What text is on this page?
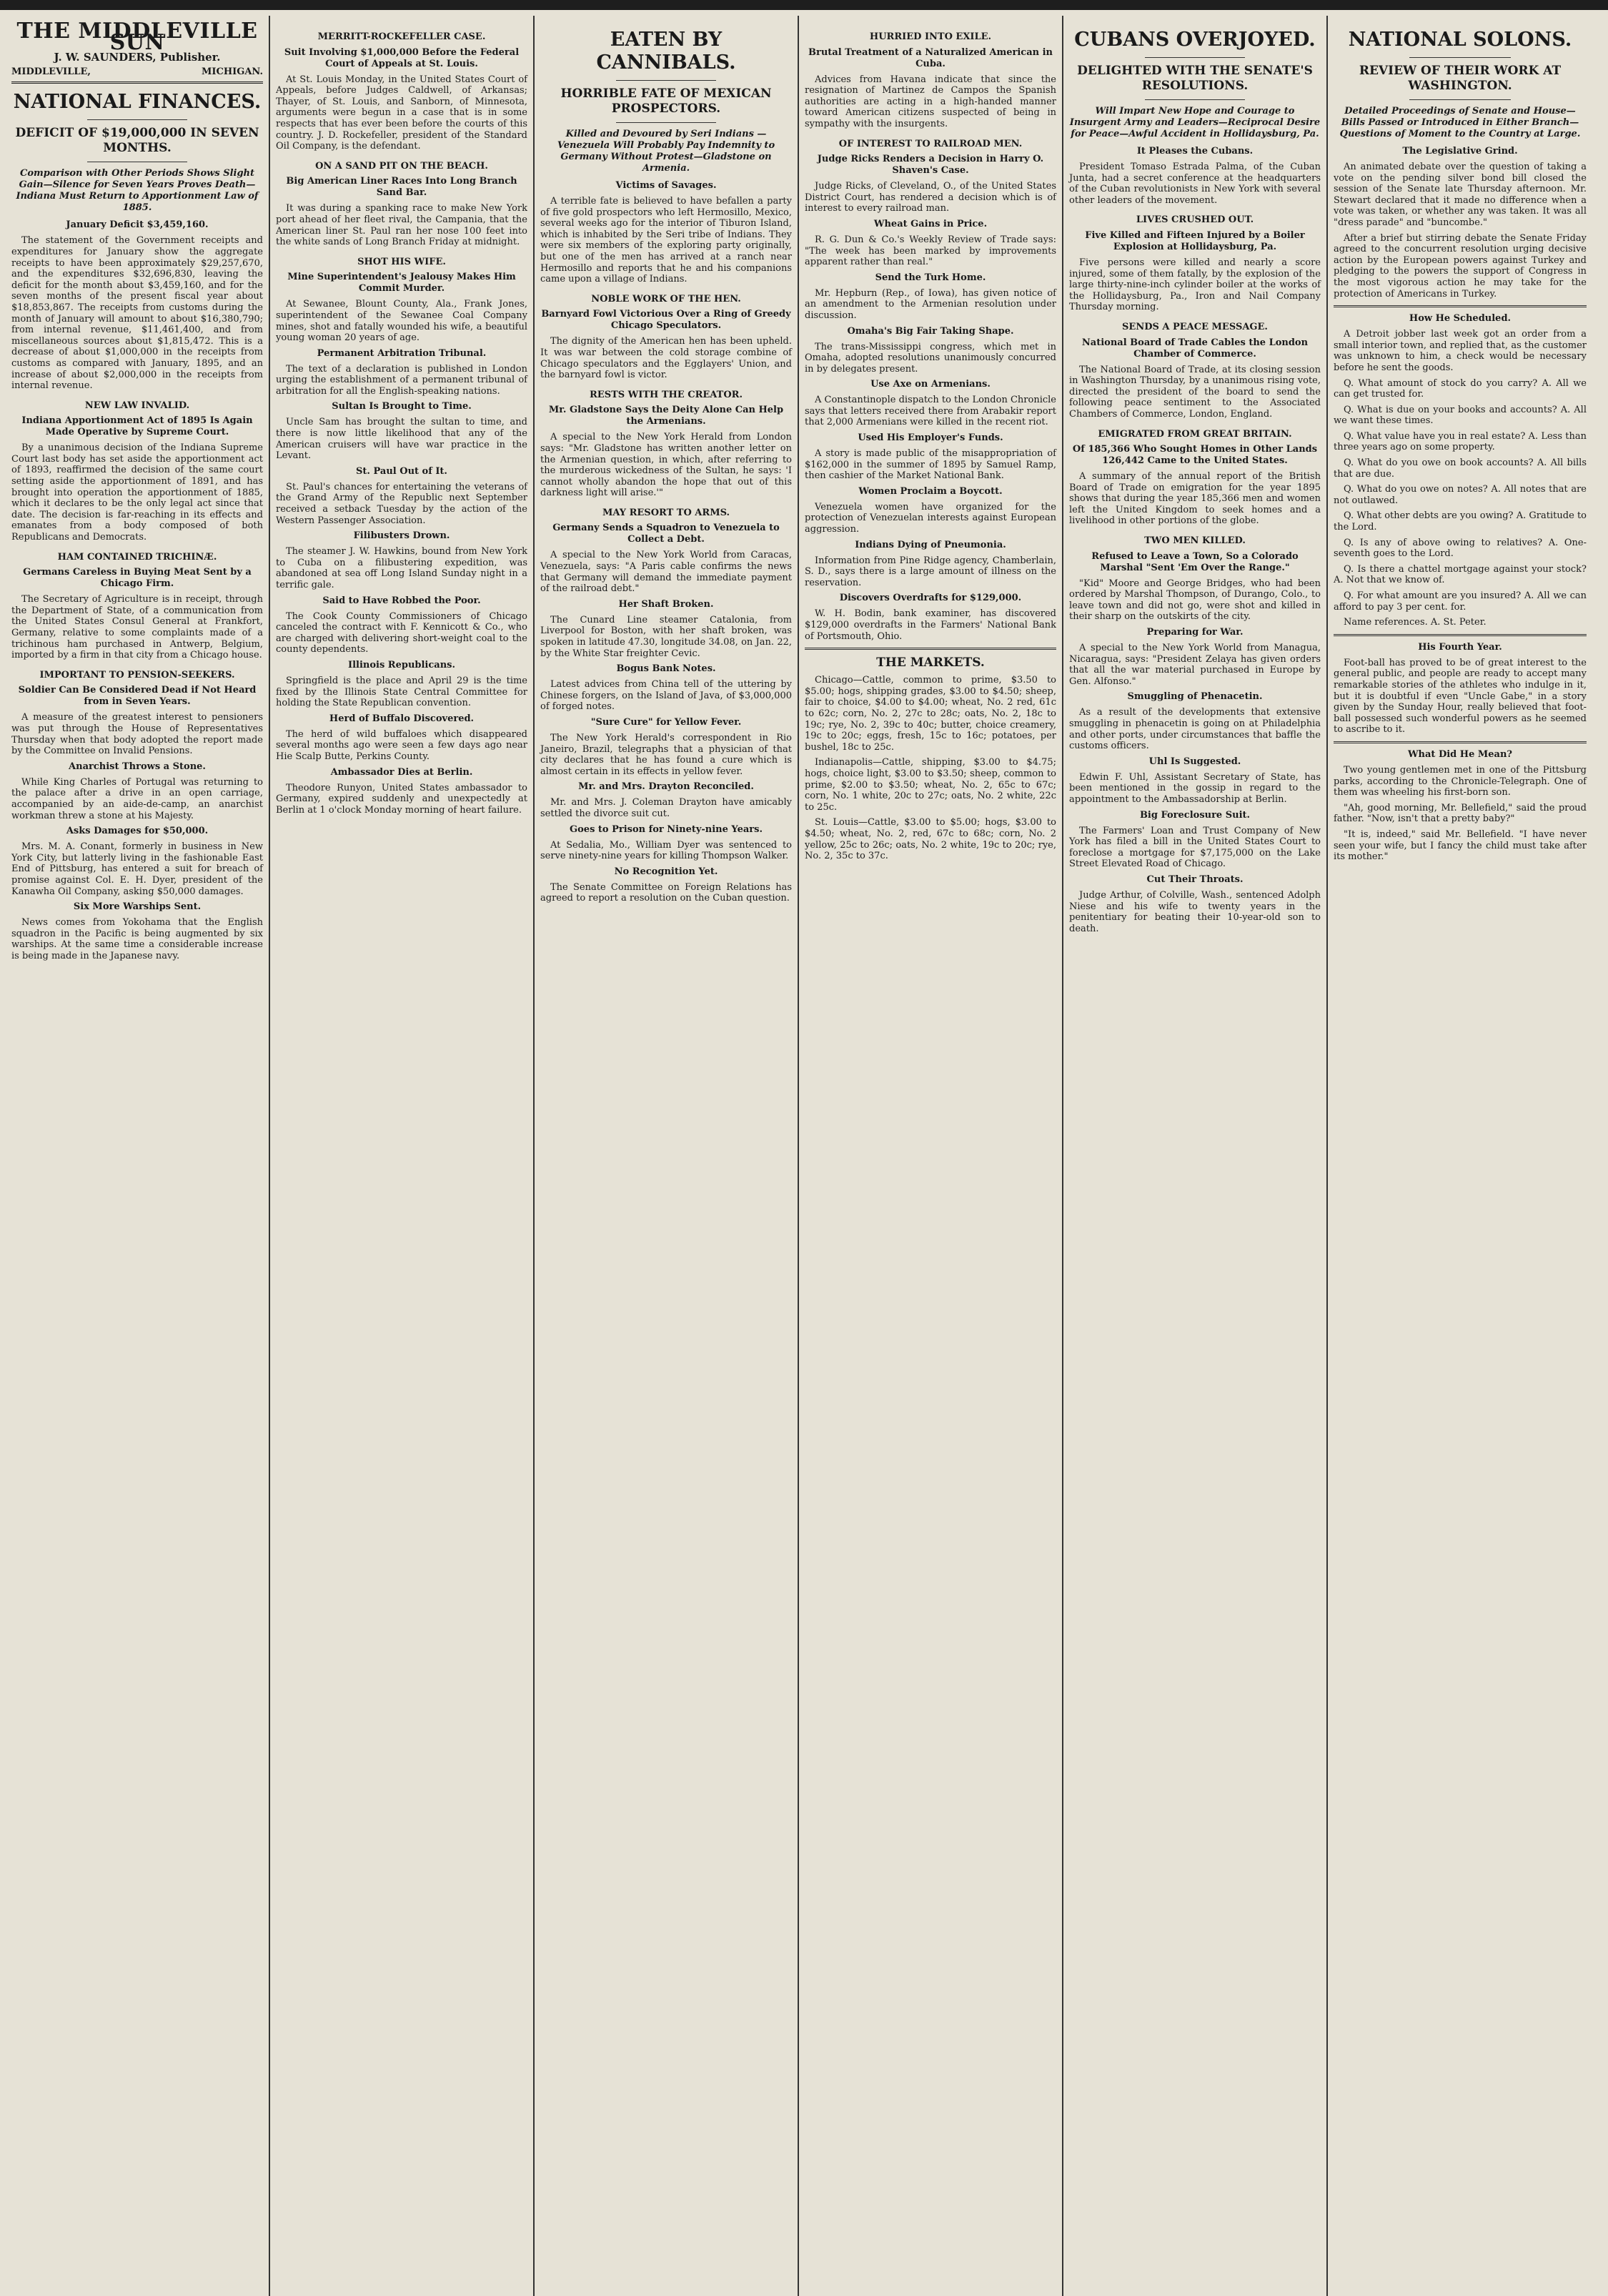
THE MIDDLEVILLE SUN
J. W. SAUNDERS, Publisher.
MIDDLEVILLE,	MICHIGAN.
NATIONAL FINANCES.
DEFICIT OF $19,000,000 IN SEVEN MONTHS.
Comparison with Other Periods Shows Slight Gain—Silence for Seven Years Proves Death—Indiana Must Return to Apportionment Law of 1885.
January Deficit $3,459,160.

The statement of the Government receipts and expenditures for January show the aggregate receipts to have been approximately $29,257,670, and the expenditures $32,696,830, leaving the deficit for the month about $3,459,160, and for the seven months of the present fiscal year about $18,853,867. The receipts from customs during the month of January will amount to about $16,380,790; from internal revenue, $11,461,400, and from miscellaneous sources about $1,815,472. This is a decrease of about $1,000,000 in the receipts from customs as compared with January, 1895, and an increase of about $2,000,000 in the receipts from internal revenue.

NEW LAW INVALID.
Indiana Apportionment Act of 1895 Is Again Made Operative by Supreme Court.

By a unanimous decision of the Indiana Supreme Court last body has set aside the apportionment act of 1893, reaffirmed the decision of the same court setting aside the apportionment of 1891, and has brought into operation the apportionment of 1885, which it declares to be the only legal act since that date. The decision is far-reaching in its effects and emanates from a body composed of both Republicans and Democrats.

HAM CONTAINED TRICHINÆ.
Germans Careless in Buying Meat Sent by a Chicago Firm.

The Secretary of Agriculture is in receipt, through the Department of State, of a communication from the United States Consul General at Frankfort, Germany, relative to some complaints made of a trichinous ham purchased in Antwerp, Belgium, imported by a firm in that city from a Chicago house.

IMPORTANT TO PENSION-SEEKERS.
Soldier Can Be Considered Dead if Not Heard from in Seven Years.

A measure of the greatest interest to pensioners was put through the House of Representatives Thursday when that body adopted the report made by the Committee on Invalid Pensions.

Anarchist Throws a Stone.

While King Charles of Portugal was returning to the palace after a drive in an open carriage, accompanied by an aide-de-camp, an anarchist workman threw a stone at his Majesty.

Asks Damages for $50,000.

Mrs. M. A. Conant, formerly in business in New York City, but latterly living in the fashionable East End of Pittsburg, has entered a suit for breach of promise against Col. E. H. Dyer, president of the Kanawha Oil Company, asking $50,000 damages.

Six More Warships Sent.

News comes from Yokohama that the English squadron in the Pacific is being augmented by six warships. At the same time a considerable increase is being made in the Japanese navy.

MERRITT-ROCKEFELLER CASE.
Suit Involving $1,000,000 Before the Federal Court of Appeals at St. Louis.

At St. Louis Monday, in the United States Court of Appeals, before Judges Caldwell, of Arkansas; Thayer, of St. Louis, and Sanborn, of Minnesota, arguments were begun in a case that is in some respects that has ever been before the courts of this country. J. D. Rockefeller, president of the Standard Oil Company, is the defendant.

ON A SAND PIT ON THE BEACH.
Big American Liner Races Into Long Branch Sand Bar.

It was during a spanking race to make New York port ahead of her fleet rival, the Campania, that the American liner St. Paul ran her nose 100 feet into the white sands of Long Branch Friday at midnight.

SHOT HIS WIFE.
Mine Superintendent's Jealousy Makes Him Commit Murder.

At Sewanee, Blount County, Ala., Frank Jones, superintendent of the Sewanee Coal Company mines, shot and fatally wounded his wife, a beautiful young woman 20 years of age.

Permanent Arbitration Tribunal.

The text of a declaration is published in London urging the establishment of a permanent tribunal of arbitration for all the English-speaking nations.

Sultan Is Brought to Time.

Uncle Sam has brought the sultan to time, and there is now little likelihood that any of the American cruisers will have war practice in the Levant.

St. Paul Out of It.

St. Paul's chances for entertaining the veterans of the Grand Army of the Republic next September received a setback Tuesday by the action of the Western Passenger Association.

Filibusters Drown.

The steamer J. W. Hawkins, bound from New York to Cuba on a filibustering expedition, was abandoned at sea off Long Island Sunday night in a terrific gale.

Said to Have Robbed the Poor.

The Cook County Commissioners of Chicago canceled the contract with F. Kennicott & Co., who are charged with delivering short-weight coal to the county dependents.

Illinois Republicans.

Springfield is the place and April 29 is the time fixed by the Illinois State Central Committee for holding the State Republican convention.

Herd of Buffalo Discovered.

The herd of wild buffaloes which disappeared several months ago were seen a few days ago near Hie Scalp Butte, Perkins County.

Ambassador Dies at Berlin.

Theodore Runyon, United States ambassador to Germany, expired suddenly and unexpectedly at Berlin at 1 o'clock Monday morning of heart failure.

EATEN BY CANNIBALS.
HORRIBLE FATE OF MEXICAN PROSPECTORS.
Killed and Devoured by Seri Indians —Venezuela Will Probably Pay Indemnity to Germany Without Protest—Gladstone on Armenia.
Victims of Savages.

A terrible fate is believed to have befallen a party of five gold prospectors who left Hermosillo, Mexico, several weeks ago for the interior of Tiburon Island, which is inhabited by the Seri tribe of Indians. They were six members of the exploring party originally, but one of the men has arrived at a ranch near Hermosillo and reports that he and his companions came upon a village of Indians.

NOBLE WORK OF THE HEN.
Barnyard Fowl Victorious Over a Ring of Greedy Chicago Speculators.

The dignity of the American hen has been upheld. It was war between the cold storage combine of Chicago speculators and the Egglayers' Union, and the barnyard fowl is victor.

RESTS WITH THE CREATOR.
Mr. Gladstone Says the Deity Alone Can Help the Armenians.

A special to the New York Herald from London says: "Mr. Gladstone has written another letter on the Armenian question, in which, after referring to the murderous wickedness of the Sultan, he says: 'I cannot wholly abandon the hope that out of this darkness light will arise.'"

MAY RESORT TO ARMS.
Germany Sends a Squadron to Venezuela to Collect a Debt.

A special to the New York World from Caracas, Venezuela, says: "A Paris cable confirms the news that Germany will demand the immediate payment of the railroad debt."

Her Shaft Broken.

The Cunard Line steamer Catalonia, from Liverpool for Boston, with her shaft broken, was spoken in latitude 47.30, longitude 34.08, on Jan. 22, by the White Star freighter Cevic.

Bogus Bank Notes.

Latest advices from China tell of the uttering by Chinese forgers, on the Island of Java, of $3,000,000 of forged notes.

"Sure Cure" for Yellow Fever.

The New York Herald's correspondent in Rio Janeiro, Brazil, telegraphs that a physician of that city declares that he has found a cure which is almost certain in its effects in yellow fever.

Mr. and Mrs. Drayton Reconciled.

Mr. and Mrs. J. Coleman Drayton have amicably settled the divorce suit cut.

Goes to Prison for Ninety-nine Years.

At Sedalia, Mo., William Dyer was sentenced to serve ninety-nine years for killing Thompson Walker.

No Recognition Yet.

The Senate Committee on Foreign Relations has agreed to report a resolution on the Cuban question.

HURRIED INTO EXILE.
Brutal Treatment of a Naturalized American in Cuba.

Advices from Havana indicate that since the resignation of Martinez de Campos the Spanish authorities are acting in a high-handed manner toward American citizens suspected of being in sympathy with the insurgents.

OF INTEREST TO RAILROAD MEN.
Judge Ricks Renders a Decision in Harry O. Shaven's Case.

Judge Ricks, of Cleveland, O., of the United States District Court, has rendered a decision which is of interest to every railroad man.

Wheat Gains in Price.

R. G. Dun & Co.'s Weekly Review of Trade says: "The week has been marked by improvements apparent rather than real."

Send the Turk Home.

Mr. Hepburn (Rep., of Iowa), has given notice of an amendment to the Armenian resolution under discussion.

Omaha's Big Fair Taking Shape.

The trans-Mississippi congress, which met in Omaha, adopted resolutions unanimously concurred in by delegates present.

Use Axe on Armenians.

A Constantinople dispatch to the London Chronicle says that letters received there from Arabakir report that 2,000 Armenians were killed in the recent riot.

Used His Employer's Funds.

A story is made public of the misappropriation of $162,000 in the summer of 1895 by Samuel Ramp, then cashier of the Market National Bank.

Women Proclaim a Boycott.

Venezuela women have organized for the protection of Venezuelan interests against European aggression.

Indians Dying of Pneumonia.

Information from Pine Ridge agency, Chamberlain, S. D., says there is a large amount of illness on the reservation.

Discovers Overdrafts for $129,000.

W. H. Bodin, bank examiner, has discovered $129,000 overdrafts in the Farmers' National Bank of Portsmouth, Ohio.

THE MARKETS.

Chicago—Cattle, common to prime, $3.50 to $5.00; hogs, shipping grades, $3.00 to $4.50; sheep, fair to choice, $4.00 to $4.00; wheat, No. 2 red, 61c to 62c; corn, No. 2, 27c to 28c; oats, No. 2, 18c to 19c; rye, No. 2, 39c to 40c; butter, choice creamery, 19c to 20c; eggs, fresh, 15c to 16c; potatoes, per bushel, 18c to 25c.

Indianapolis—Cattle, shipping, $3.00 to $4.75; hogs, choice light, $3.00 to $3.50; sheep, common to prime, $2.00 to $3.50; wheat, No. 2, 65c to 67c; corn, No. 1 white, 20c to 27c; oats, No. 2 white, 22c to 25c.

St. Louis—Cattle, $3.00 to $5.00; hogs, $3.00 to $4.50; wheat, No. 2, red, 67c to 68c; corn, No. 2 yellow, 25c to 26c; oats, No. 2 white, 19c to 20c; rye, No. 2, 35c to 37c.

CUBANS OVERJOYED.
DELIGHTED WITH THE SENATE'S RESOLUTIONS.
Will Impart New Hope and Courage to Insurgent Army and Leaders—Reciprocal Desire for Peace—Awful Accident in Hollidaysburg, Pa.
It Pleases the Cubans.

President Tomaso Estrada Palma, of the Cuban Junta, had a secret conference at the headquarters of the Cuban revolutionists in New York with several other leaders of the movement.

LIVES CRUSHED OUT.
Five Killed and Fifteen Injured by a Boiler Explosion at Hollidaysburg, Pa.

Five persons were killed and nearly a score injured, some of them fatally, by the explosion of the large thirty-nine-inch cylinder boiler at the works of the Hollidaysburg, Pa., Iron and Nail Company Thursday morning.

SENDS A PEACE MESSAGE.
National Board of Trade Cables the London Chamber of Commerce.

The National Board of Trade, at its closing session in Washington Thursday, by a unanimous rising vote, directed the president of the board to send the following peace sentiment to the Associated Chambers of Commerce, London, England.

EMIGRATED FROM GREAT BRITAIN.
Of 185,366 Who Sought Homes in Other Lands 126,442 Came to the United States.

A summary of the annual report of the British Board of Trade on emigration for the year 1895 shows that during the year 185,366 men and women left the United Kingdom to seek homes and a livelihood in other portions of the globe.

TWO MEN KILLED.
Refused to Leave a Town, So a Colorado Marshal "Sent 'Em Over the Range."

"Kid" Moore and George Bridges, who had been ordered by Marshal Thompson, of Durango, Colo., to leave town and did not go, were shot and killed in their sharp on the outskirts of the city.

Preparing for War.

A special to the New York World from Managua, Nicaragua, says: "President Zelaya has given orders that all the war material purchased in Europe by Gen. Alfonso."

Smuggling of Phenacetin.

As a result of the developments that extensive smuggling in phenacetin is going on at Philadelphia and other ports, under circumstances that baffle the customs officers.

Uhl Is Suggested.

Edwin F. Uhl, Assistant Secretary of State, has been mentioned in the gossip in regard to the appointment to the Ambassadorship at Berlin.

Big Foreclosure Suit.

The Farmers' Loan and Trust Company of New York has filed a bill in the United States Court to foreclose a mortgage for $7,175,000 on the Lake Street Elevated Road of Chicago.

Cut Their Throats.

Judge Arthur, of Colville, Wash., sentenced Adolph Niese and his wife to twenty years in the penitentiary for beating their 10-year-old son to death.

NATIONAL SOLONS.
REVIEW OF THEIR WORK AT WASHINGTON.
Detailed Proceedings of Senate and House—Bills Passed or Introduced in Either Branch—Questions of Moment to the Country at Large.
The Legislative Grind.

An animated debate over the question of taking a vote on the pending silver bond bill closed the session of the Senate late Thursday afternoon. Mr. Stewart declared that it made no difference when a vote was taken, or whether any was taken. It was all "dress parade" and "buncombe."

After a brief but stirring debate the Senate Friday agreed to the concurrent resolution urging decisive action by the European powers against Turkey and pledging to the powers the support of Congress in the most vigorous action he may take for the protection of Americans in Turkey.

How He Scheduled.

A Detroit jobber last week got an order from a small interior town, and replied that, as the customer was unknown to him, a check would be necessary before he sent the goods.

Q. What amount of stock do you carry? A. All we can get trusted for.

Q. What is due on your books and accounts? A. All we want these times.

Q. What value have you in real estate? A. Less than three years ago on some property.

Q. What do you owe on book accounts? A. All bills that are due.

Q. What do you owe on notes? A. All notes that are not outlawed.

Q. What other debts are you owing? A. Gratitude to the Lord.

Q. Is any of above owing to relatives? A. One-seventh goes to the Lord.

Q. Is there a chattel mortgage against your stock? A. Not that we know of.

Q. For what amount are you insured? A. All we can afford to pay 3 per cent. for.

Name references. A. St. Peter.

His Fourth Year.

Foot-ball has proved to be of great interest to the general public, and people are ready to accept many remarkable stories of the athletes who indulge in it, but it is doubtful if even "Uncle Gabe," in a story given by the Sunday Hour, really believed that foot-ball possessed such wonderful powers as he seemed to ascribe to it.

What Did He Mean?

Two young gentlemen met in one of the Pittsburg parks, according to the Chronicle-Telegraph. One of them was wheeling his first-born son.

"Ah, good morning, Mr. Bellefield," said the proud father. "Now, isn't that a pretty baby?"

"It is, indeed," said Mr. Bellefield. "I have never seen your wife, but I fancy the child must take after its mother."
